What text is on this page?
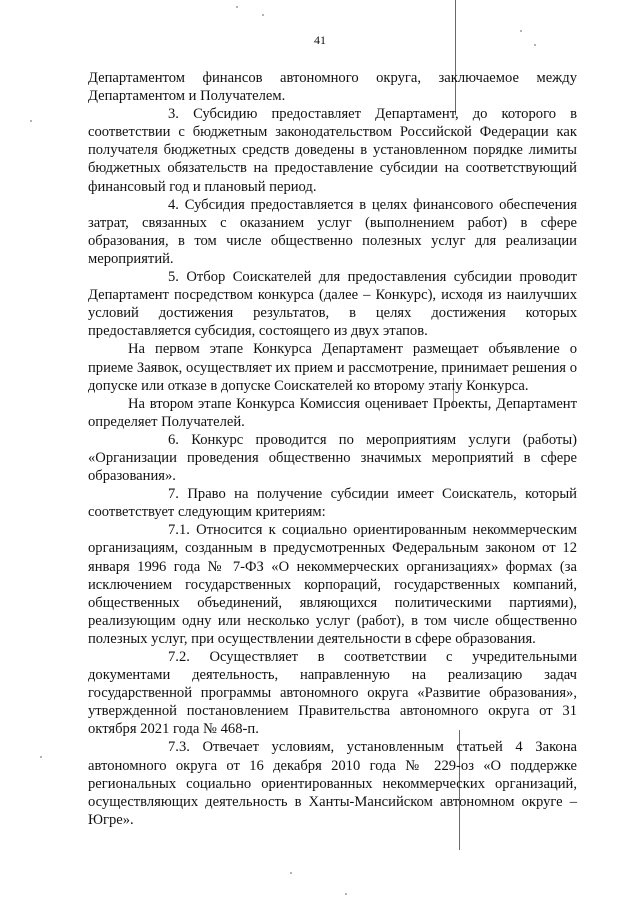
41

Департаментом финансов автономного округа, заключаемое между Департаментом и Получателем.

3. Субсидию предоставляет Департамент, до которого в соответствии с бюджетным законодательством Российской Федерации как получателя бюджетных средств доведены в установленном порядке лимиты бюджетных обязательств на предоставление субсидии на соответствующий финансовый год и плановый период.

4. Субсидия предоставляется в целях финансового обеспечения затрат, связанных с оказанием услуг (выполнением работ) в сфере образования, в том числе общественно полезных услуг для реализации мероприятий.

5. Отбор Соискателей для предоставления субсидии проводит Департамент посредством конкурса (далее – Конкурс), исходя из наилучших условий достижения результатов, в целях достижения которых предоставляется субсидия, состоящего из двух этапов.

На первом этапе Конкурса Департамент размещает объявление о приеме Заявок, осуществляет их прием и рассмотрение, принимает решения о допуске или отказе в допуске Соискателей ко второму этапу Конкурса.

На втором этапе Конкурса Комиссия оценивает Проекты, Департамент определяет Получателей.

6. Конкурс проводится по мероприятиям услуги (работы) «Организации проведения общественно значимых мероприятий в сфере образования».

7. Право на получение субсидии имеет Соискатель, который соответствует следующим критериям:

7.1. Относится к социально ориентированным некоммерческим организациям, созданным в предусмотренных Федеральным законом от 12 января 1996 года № 7-ФЗ «О некоммерческих организациях» формах (за исключением государственных корпораций, государственных компаний, общественных объединений, являющихся политическими партиями), реализующим одну или несколько услуг (работ), в том числе общественно полезных услуг, при осуществлении деятельности в сфере образования.

7.2. Осуществляет в соответствии с учредительными документами деятельность, направленную на реализацию задач государственной программы автономного округа «Развитие образования», утвержденной постановлением Правительства автономного округа от 31 октября 2021 года № 468-п.

7.3. Отвечает условиям, установленным статьей 4 Закона автономного округа от 16 декабря 2010 года № 229-оз «О поддержке региональных социально ориентированных некоммерческих организаций, осуществляющих деятельность в Ханты-Мансийском автономном округе – Югре».
